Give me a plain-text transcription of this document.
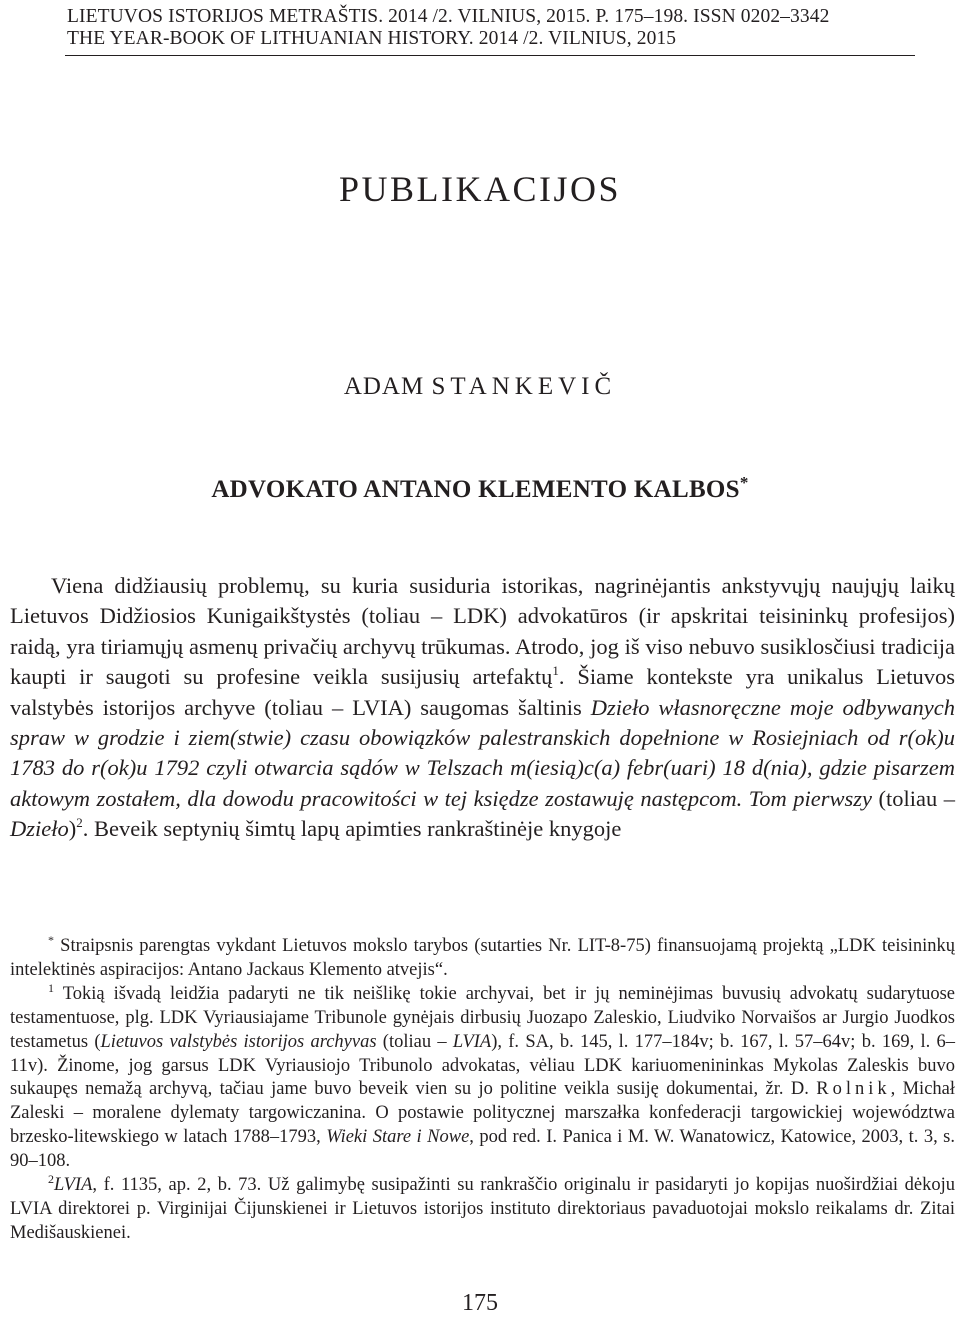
LIETUVOS ISTORIJOS METRAŠTIS. 2014 /2. VILNIUS, 2015. P. 175–198. ISSN 0202–3342
THE YEAR-BOOK OF LITHUANIAN HISTORY. 2014 /2. VILNIUS, 2015
PUBLIKACIJOS
ADAM STANKEVIČ
ADVOKATO ANTANO KLEMENTO KALBOS*

Viena didžiausių problemų, su kuria susiduria istorikas, nagrinėjantis ankstyvųjų naujųjų laikų Lietuvos Didžiosios Kunigaikštystės (toliau – LDK) advokatūros (ir apskritai teisininkų profesijos) raidą, yra tiriamųjų asmenų privačių archyvų trūkumas. Atrodo, jog iš viso nebuvo susiklosčiusi tradicija kaupti ir saugoti su profesine veikla susijusių artefaktų$^1$. Šiame kontekste yra unikalus Lietuvos valstybės istorijos archyve (toliau – LVIA) saugomas šaltinis Dzieło własnoręczne moje odbywanych spraw w grodzie i ziem(stwie) czasu obowiązków palestranskich dopełnione w Rosiejniach od r(ok)u 1783 do r(ok)u 1792 czyli otwarcia sądów w Telszach m(iesią)c(a) febr(uari) 18 d(nia), gdzie pisarzem aktowym zostałem, dla dowodu pracowitości w tej księdze zostawuję następcom. Tom pierwszy (toliau – Dzieło)$^2$. Beveik septynių šimtų lapų apimties rankraštinėje knygoje

* Straipsnis parengtas vykdant Lietuvos mokslo tarybos (sutarties Nr. LIT-8-75) finansuojamą projektą „LDK teisininkų intelektinės aspiracijos: Antano Jackaus Klemento atvejis“.

$^1$ Tokią išvadą leidžia padaryti ne tik neišlikę tokie archyvai, bet ir jų neminėjimas buvusių advokatų sudarytuose testamentuose, plg. LDK Vyriausiajame Tribunole gynėjais dirbusių Juozapo Zaleskio, Liudviko Norvaišos ar Jurgio Juodkos testametus (Lietuvos valstybės istorijos archyvas (toliau – LVIA), f. SA, b. 145, l. 177–184v; b. 167, l. 57–64v; b. 169, l. 6–11v). Žinome, jog garsus LDK Vyriausiojo Tribunolo advokatas, vėliau LDK kariuomenininkas Mykolas Zaleskis buvo sukaupęs nemažą archyvą, tačiau jame buvo beveik vien su jo politine veikla susiję dokumentai, žr. D. Rolnik, Michał Zaleski – moralene dylematy targowiczanina. O postawie politycznej marszałka konfederacji targowickiej województwa brzesko-litewskiego w latach 1788–1793, Wieki Stare i Nowe, pod red. I. Panica i M. W. Wanatowicz, Katowice, 2003, t. 3, s. 90–108.

$^2$LVIA, f. 1135, ap. 2, b. 73. Už galimybę susipažinti su rankraščio originalu ir pasidaryti jo kopijas nuoširdžiai dėkoju LVIA direktorei p. Virginijai Čijunskienei ir Lietuvos istorijos instituto direktoriaus pavaduotojai mokslo reikalams dr. Zitai Medišauskienei.

175
